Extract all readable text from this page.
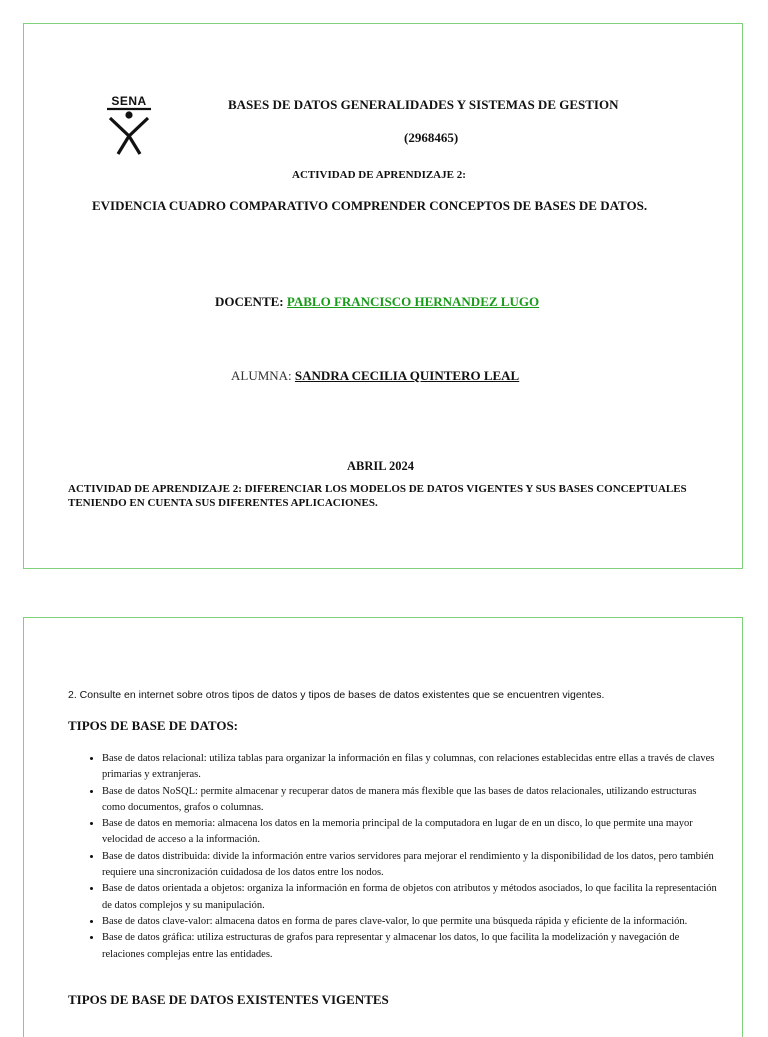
SENA	BASES DE DATOS GENERALIDADES Y SISTEMAS DE GESTION
(2968465)
ACTIVIDAD DE APRENDIZAJE 2:
EVIDENCIA CUADRO COMPARATIVO COMPRENDER CONCEPTOS DE BASES DE DATOS.
DOCENTE: PABLO FRANCISCO HERNANDEZ LUGO
ALUMNA: SANDRA CECILIA QUINTERO LEAL
ABRIL 2024
ACTIVIDAD DE APRENDIZAJE 2: DIFERENCIAR LOS MODELOS DE DATOS VIGENTES Y SUS BASES CONCEPTUALES TENIENDO EN CUENTA SUS DIFERENTES APLICACIONES.
2. Consulte en internet sobre otros tipos de datos y tipos de bases de datos existentes que se encuentren vigentes.
TIPOS DE BASE DE DATOS:
• Base de datos relacional: utiliza tablas para organizar la información en filas y columnas, con relaciones establecidas entre ellas a través de claves primarias y extranjeras.
• Base de datos NoSQL: permite almacenar y recuperar datos de manera más flexible que las bases de datos relacionales, utilizando estructuras como documentos, grafos o columnas.
• Base de datos en memoria: almacena los datos en la memoria principal de la computadora en lugar de en un disco, lo que permite una mayor velocidad de acceso a la información.
• Base de datos distribuida: divide la información entre varios servidores para mejorar el rendimiento y la disponibilidad de los datos, pero también requiere una sincronización cuidadosa de los datos entre los nodos.
• Base de datos orientada a objetos: organiza la información en forma de objetos con atributos y métodos asociados, lo que facilita la representación de datos complejos y su manipulación.
• Base de datos clave-valor: almacena datos en forma de pares clave-valor, lo que permite una búsqueda rápida y eficiente de la información.
• Base de datos gráfica: utiliza estructuras de grafos para representar y almacenar los datos, lo que facilita la modelización y navegación de relaciones complejas entre las entidades.
TIPOS DE BASE DE DATOS EXISTENTES VIGENTES
